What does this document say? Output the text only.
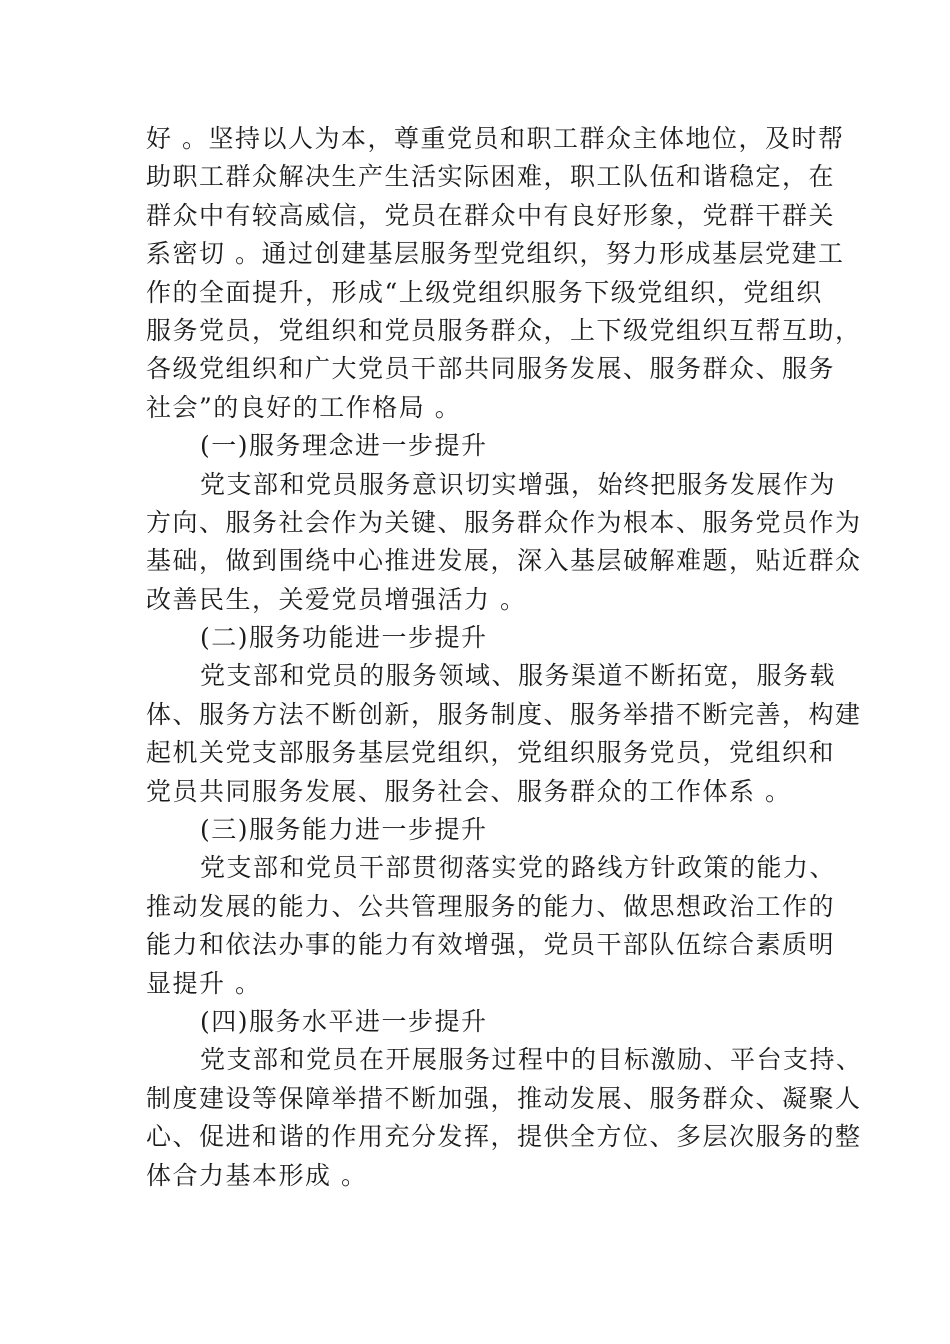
好 。坚持以人为本，尊重党员和职工群众主体地位，及时帮
助职工群众解决生产生活实际困难，职工队伍和谐稳定，在
群众中有较高威信，党员在群众中有良好形象，党群干群关
系密切 。通过创建基层服务型党组织，努力形成基层党建工
作的全面提升，形成“上级党组织服务下级党组织，党组织
服务党员，党组织和党员服务群众，上下级党组织互帮互助，
各级党组织和广大党员干部共同服务发展、服务群众、服务
社会”的良好的工作格局 。
(一)服务理念进一步提升
党支部和党员服务意识切实增强，始终把服务发展作为
方向、服务社会作为关键、服务群众作为根本、服务党员作为
基础，做到围绕中心推进发展，深入基层破解难题，贴近群众
改善民生，关爱党员增强活力 。
(二)服务功能进一步提升
党支部和党员的服务领域、服务渠道不断拓宽，服务载
体、服务方法不断创新，服务制度、服务举措不断完善，构建
起机关党支部服务基层党组织，党组织服务党员，党组织和
党员共同服务发展、服务社会、服务群众的工作体系 。
(三)服务能力进一步提升
党支部和党员干部贯彻落实党的路线方针政策的能力、
推动发展的能力、公共管理服务的能力、做思想政治工作的
能力和依法办事的能力有效增强，党员干部队伍综合素质明
显提升 。
(四)服务水平进一步提升
党支部和党员在开展服务过程中的目标激励、平台支持、
制度建设等保障举措不断加强，推动发展、服务群众、凝聚人
心、促进和谐的作用充分发挥，提供全方位、多层次服务的整
体合力基本形成 。
